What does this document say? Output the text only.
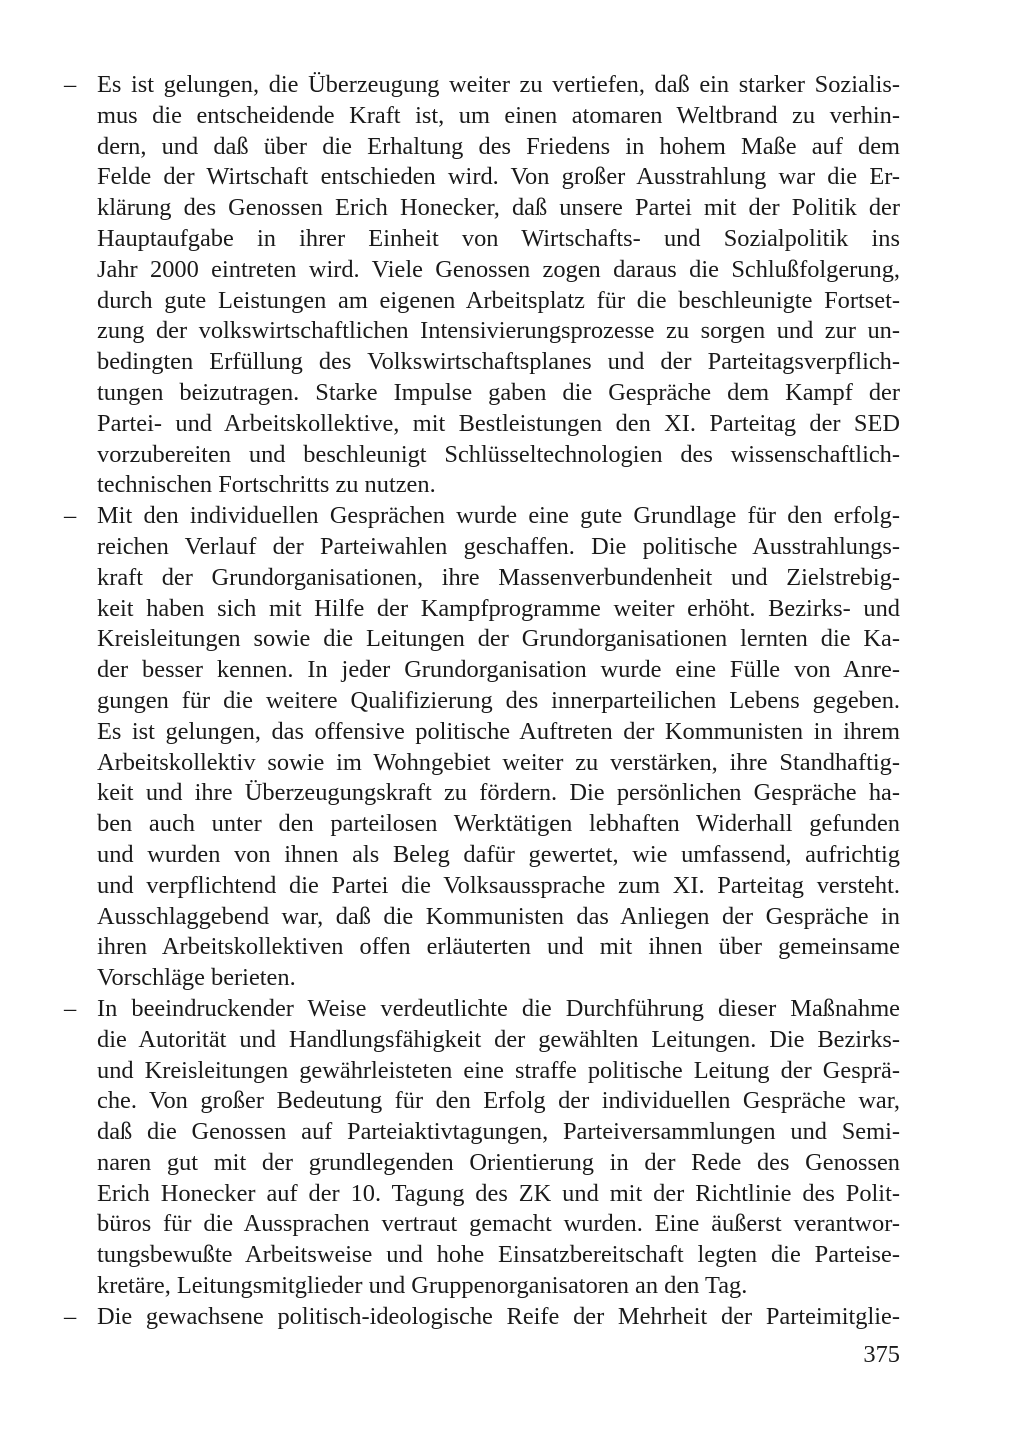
– Es ist gelungen, die Überzeugung weiter zu vertiefen, daß ein starker Sozialis-
mus die entscheidende Kraft ist, um einen atomaren Weltbrand zu verhin-
dern, und daß über die Erhaltung des Friedens in hohem Maße auf dem
Felde der Wirtschaft entschieden wird. Von großer Ausstrahlung war die Er-
klärung des Genossen Erich Honecker, daß unsere Partei mit der Politik der
Hauptaufgabe in ihrer Einheit von Wirtschafts- und Sozialpolitik ins
Jahr 2000 eintreten wird. Viele Genossen zogen daraus die Schlußfolgerung,
durch gute Leistungen am eigenen Arbeitsplatz für die beschleunigte Fortset-
zung der volkswirtschaftlichen Intensivierungsprozesse zu sorgen und zur un-
bedingten Erfüllung des Volkswirtschaftsplanes und der Parteitagsverpflich-
tungen beizutragen. Starke Impulse gaben die Gespräche dem Kampf der
Partei- und Arbeitskollektive, mit Bestleistungen den XI. Parteitag der SED
vorzubereiten und beschleunigt Schlüsseltechnologien des wissenschaftlich-
technischen Fortschritts zu nutzen.
– Mit den individuellen Gesprächen wurde eine gute Grundlage für den erfolg-
reichen Verlauf der Parteiwahlen geschaffen. Die politische Ausstrahlungs-
kraft der Grundorganisationen, ihre Massenverbundenheit und Zielstrebig-
keit haben sich mit Hilfe der Kampfprogramme weiter erhöht. Bezirks- und
Kreisleitungen sowie die Leitungen der Grundorganisationen lernten die Ka-
der besser kennen. In jeder Grundorganisation wurde eine Fülle von Anre-
gungen für die weitere Qualifizierung des innerparteilichen Lebens gegeben.
Es ist gelungen, das offensive politische Auftreten der Kommunisten in ihrem
Arbeitskollektiv sowie im Wohngebiet weiter zu verstärken, ihre Standhaftig-
keit und ihre Überzeugungskraft zu fördern. Die persönlichen Gespräche ha-
ben auch unter den parteilosen Werktätigen lebhaften Widerhall gefunden
und wurden von ihnen als Beleg dafür gewertet, wie umfassend, aufrichtig
und verpflichtend die Partei die Volksaussprache zum XI. Parteitag versteht.
Ausschlaggebend war, daß die Kommunisten das Anliegen der Gespräche in
ihren Arbeitskollektiven offen erläuterten und mit ihnen über gemeinsame
Vorschläge berieten.
– In beeindruckender Weise verdeutlichte die Durchführung dieser Maßnahme
die Autorität und Handlungsfähigkeit der gewählten Leitungen. Die Bezirks-
und Kreisleitungen gewährleisteten eine straffe politische Leitung der Gesprä-
che. Von großer Bedeutung für den Erfolg der individuellen Gespräche war,
daß die Genossen auf Parteiaktivtagungen, Parteiversammlungen und Semi-
naren gut mit der grundlegenden Orientierung in der Rede des Genossen
Erich Honecker auf der 10. Tagung des ZK und mit der Richtlinie des Polit-
büros für die Aussprachen vertraut gemacht wurden. Eine äußerst verantwor-
tungsbewußte Arbeitsweise und hohe Einsatzbereitschaft legten die Parteise-
kretäre, Leitungsmitglieder und Gruppenorganisatoren an den Tag.
– Die gewachsene politisch-ideologische Reife der Mehrheit der Parteimitglie-
375
